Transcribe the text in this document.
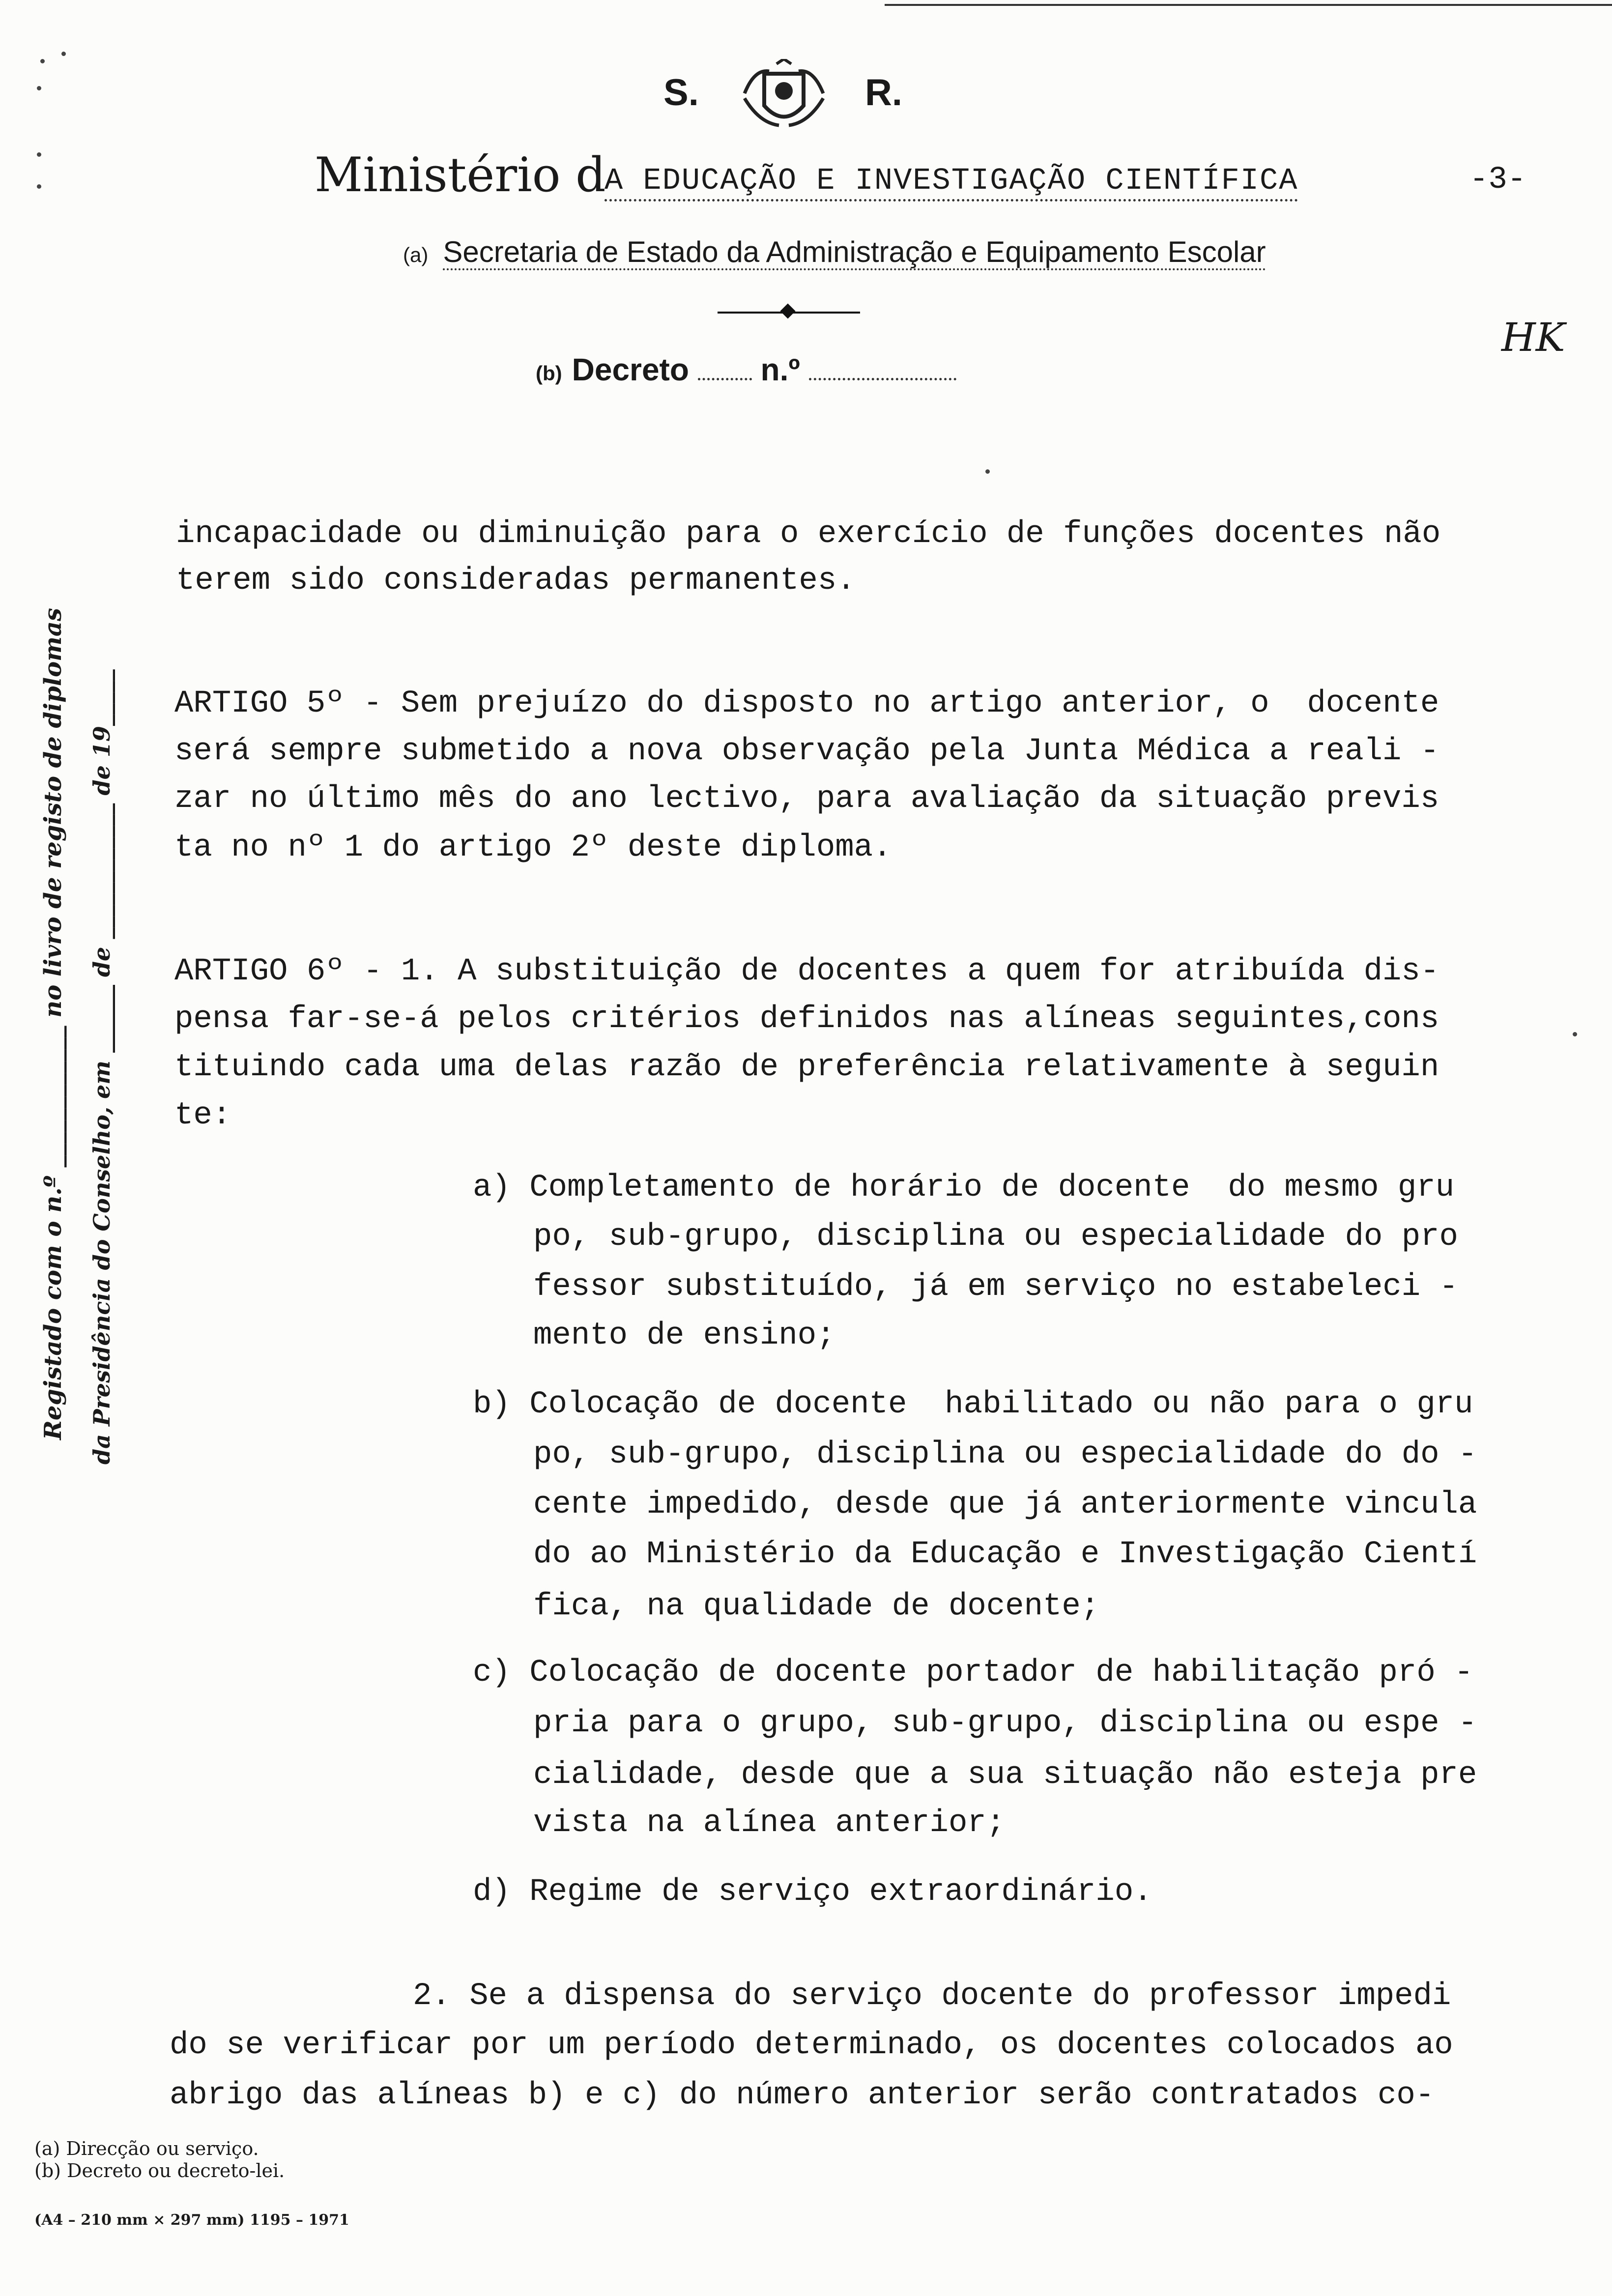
S.	R.
Ministério d
A EDUCAÇÃO E INVESTIGAÇÃO CIENTÍFICA	-3-
(a) Secretaria de Estado da Administração e Equipamento Escolar
(b) Decreto n.º
HK
Registado com o n.º ____________ no livro de registo de diplomas da Presidência do Conselho, em ______ de ____________ de 19_____
incapacidade ou diminuição para o exercício de funções docentes não
terem sido consideradas permanentes.
ARTIGO 5º - Sem prejuízo do disposto no artigo anterior, o  docente
será sempre submetido a nova observação pela Junta Médica a reali -
zar no último mês do ano lectivo, para avaliação da situação previs
ta no nº 1 do artigo 2º deste diploma.
ARTIGO 6º - 1. A substituição de docentes a quem for atribuída dis-
pensa far-se-á pelos critérios definidos nas alíneas seguintes,cons
tituindo cada uma delas razão de preferência relativamente à seguin
te:
a) Completamento de horário de docente  do mesmo gru
po, sub-grupo, disciplina ou especialidade do pro
fessor substituído, já em serviço no estabeleci -
mento de ensino;
b) Colocação de docente  habilitado ou não para o gru
po, sub-grupo, disciplina ou especialidade do do -
cente impedido, desde que já anteriormente vincula
do ao Ministério da Educação e Investigação Cientí
fica, na qualidade de docente;
c) Colocação de docente portador de habilitação pró -
pria para o grupo, sub-grupo, disciplina ou espe -
cialidade, desde que a sua situação não esteja pre
vista na alínea anterior;
d) Regime de serviço extraordinário.
2. Se a dispensa do serviço docente do professor impedi
do se verificar por um período determinado, os docentes colocados ao
abrigo das alíneas b) e c) do número anterior serão contratados co-
(a) Direcção ou serviço.
(b) Decreto ou decreto-lei.
(A4 – 210 mm × 297 mm) 1195 – 1971
